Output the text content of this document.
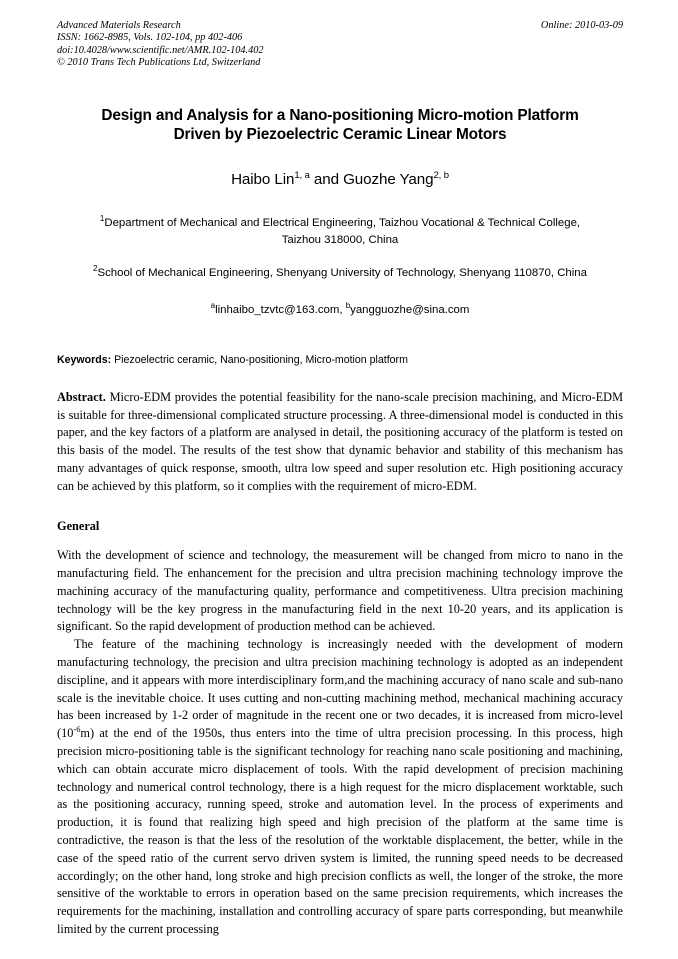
Advanced Materials Research
ISSN: 1662-8985, Vols. 102-104, pp 402-406
doi:10.4028/www.scientific.net/AMR.102-104.402
© 2010 Trans Tech Publications Ltd, Switzerland
Online: 2010-03-09
Design and Analysis for a Nano-positioning Micro-motion Platform
Driven by Piezoelectric Ceramic Linear Motors
Haibo Lin$^{1, a}$ and Guozhe Yang$^{2, b}$
$^1$Department of Mechanical and Electrical Engineering, Taizhou Vocational & Technical College,
Taizhou 318000, China
$^2$School of Mechanical Engineering, Shenyang University of Technology, Shenyang 110870, China
$^a$linhaibo_tzvtc@163.com, $^b$yangguozhe@sina.com
Keywords: Piezoelectric ceramic, Nano-positioning, Micro-motion platform
Abstract. Micro-EDM provides the potential feasibility for the nano-scale precision machining, and Micro-EDM is suitable for three-dimensional complicated structure processing. A three-dimensional model is conducted in this paper, and the key factors of a platform are analysed in detail, the positioning accuracy of the platform is tested on this basis of the model. The results of the test show that dynamic behavior and stability of this mechanism has many advantages of quick response, smooth, ultra low speed and super resolution etc. High positioning accuracy can be achieved by this platform, so it complies with the requirement of micro-EDM.
General
With the development of science and technology, the measurement will be changed from micro to nano in the manufacturing field. The enhancement for the precision and ultra precision machining technology improve the machining accuracy of the manufacturing quality, performance and competitiveness. Ultra precision machining technology will be the key progress in the manufacturing field in the next 10-20 years, and its application is significant. So the rapid development of production method can be achieved.
The feature of the machining technology is increasingly needed with the development of modern manufacturing technology, the precision and ultra precision machining technology is adopted as an independent discipline, and it appears with more interdisciplinary form,and the machining accuracy of nano scale and sub-nano scale is the inevitable choice. It uses cutting and non-cutting machining method, mechanical machining accuracy has been increased by 1-2 order of magnitude in the recent one or two decades, it is increased from micro-level $(10^{-6}m)$ at the end of the 1950s, thus enters into the time of ultra precision processing. In this process, high precision micro-positioning table is the significant technology for reaching nano scale positioning and machining, which can obtain accurate micro displacement of tools. With the rapid development of precision machining technology and numerical control technology, there is a high request for the micro displacement worktable, such as the positioning accuracy, running speed, stroke and automation level. In the process of experiments and production, it is found that realizing high speed and high precision of the platform at the same time is contradictive, the reason is that the less of the resolution of the worktable displacement, the better, while in the case of the speed ratio of the current servo driven system is limited, the running speed needs to be decreased accordingly; on the other hand, long stroke and high precision conflicts as well, the longer of the stroke, the more sensitive of the worktable to errors in operation based on the same precision requirements, which increases the requirements for the machining, installation and controlling accuracy of spare parts corresponding, but meanwhile limited by the current processing
